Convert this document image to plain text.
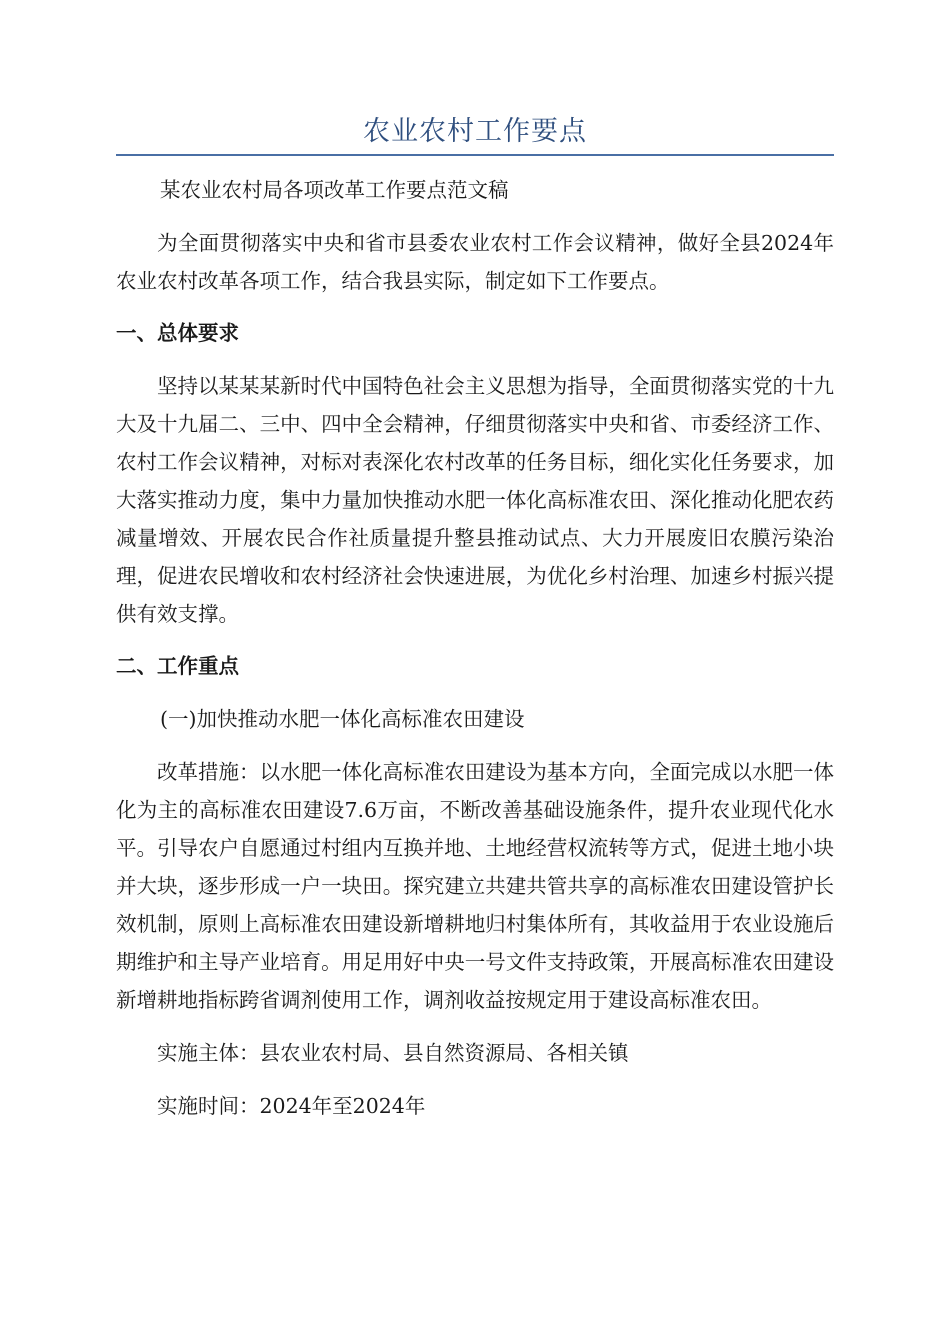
农业农村工作要点

某农业农村局各项改革工作要点范文稿

为全面贯彻落实中央和省市县委农业农村工作会议精神，做好全县2024年农业农村改革各项工作，结合我县实际，制定如下工作要点。

一、总体要求

坚持以某某某新时代中国特色社会主义思想为指导，全面贯彻落实党的十九大及十九届二、三中、四中全会精神，仔细贯彻落实中央和省、市委经济工作、农村工作会议精神，对标对表深化农村改革的任务目标，细化实化任务要求，加大落实推动力度，集中力量加快推动水肥一体化高标准农田、深化推动化肥农药减量增效、开展农民合作社质量提升整县推动试点、大力开展废旧农膜污染治理，促进农民增收和农村经济社会快速进展，为优化乡村治理、加速乡村振兴提供有效支撑。

二、工作重点

(一)加快推动水肥一体化高标准农田建设

改革措施：以水肥一体化高标准农田建设为基本方向，全面完成以水肥一体化为主的高标准农田建设7.6万亩，不断改善基础设施条件，提升农业现代化水平。引导农户自愿通过村组内互换并地、土地经营权流转等方式，促进土地小块并大块，逐步形成一户一块田。探究建立共建共管共享的高标准农田建设管护长效机制，原则上高标准农田建设新增耕地归村集体所有，其收益用于农业设施后期维护和主导产业培育。用足用好中央一号文件支持政策，开展高标准农田建设新增耕地指标跨省调剂使用工作，调剂收益按规定用于建设高标准农田。

实施主体：县农业农村局、县自然资源局、各相关镇

实施时间：2024年至2024年
